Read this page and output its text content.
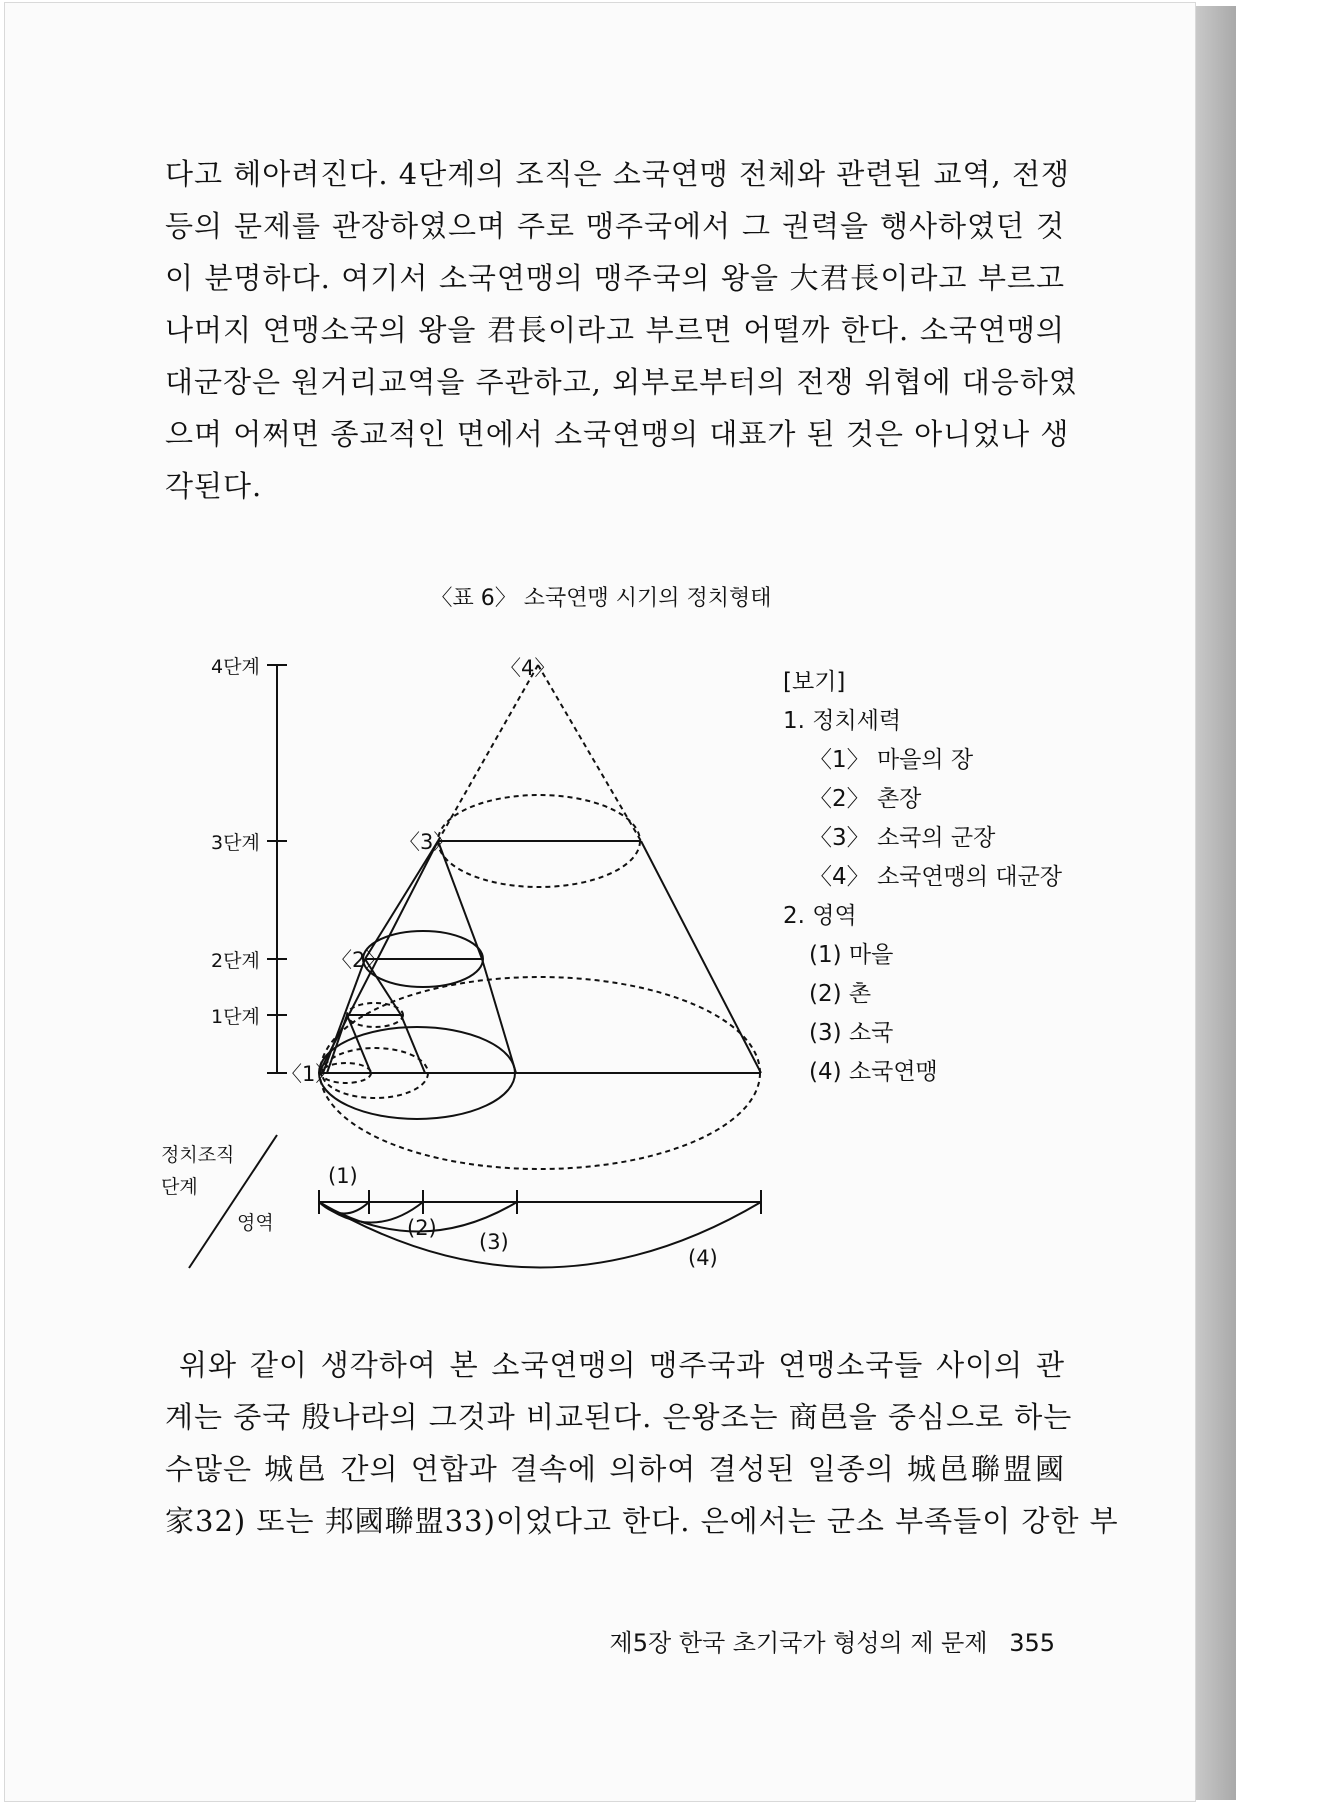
다고 헤아려진다. 4단계의 조직은 소국연맹 전체와 관련된 교역, 전쟁

등의 문제를 관장하였으며 주로 맹주국에서 그 권력을 행사하였던 것

이 분명하다. 여기서 소국연맹의 맹주국의 왕을 大君長이라고 부르고

나머지 연맹소국의 왕을 君長이라고 부르면 어떨까 한다. 소국연맹의

대군장은 원거리교역을 주관하고, 외부로부터의 전쟁 위협에 대응하였

으며 어쩌면 종교적인 면에서 소국연맹의 대표가 된 것은 아니었나 생

각된다.

〈표 6〉 소국연맹 시기의 정치형태
4단계
3단계
2단계
1단계
〈4〉
〈3〉
〈2〉
〈1〉
정치조직
단계
영역
(1)
(2)
(3)
(4)
[보기]
1. 정치세력
〈1〉 마을의 장
〈2〉 촌장
〈3〉 소국의 군장
〈4〉 소국연맹의 대군장
2. 영역
(1) 마을
(2) 촌
(3) 소국
(4) 소국연맹

위와 같이 생각하여 본 소국연맹의 맹주국과 연맹소국들 사이의 관

계는 중국 殷나라의 그것과 비교된다. 은왕조는 商邑을 중심으로 하는

수많은 城邑 간의 연합과 결속에 의하여 결성된 일종의 城邑聯盟國

家32) 또는 邦國聯盟33)이었다고 한다. 은에서는 군소 부족들이 강한 부

제5장 한국 초기국가 형성의 제 문제 355
